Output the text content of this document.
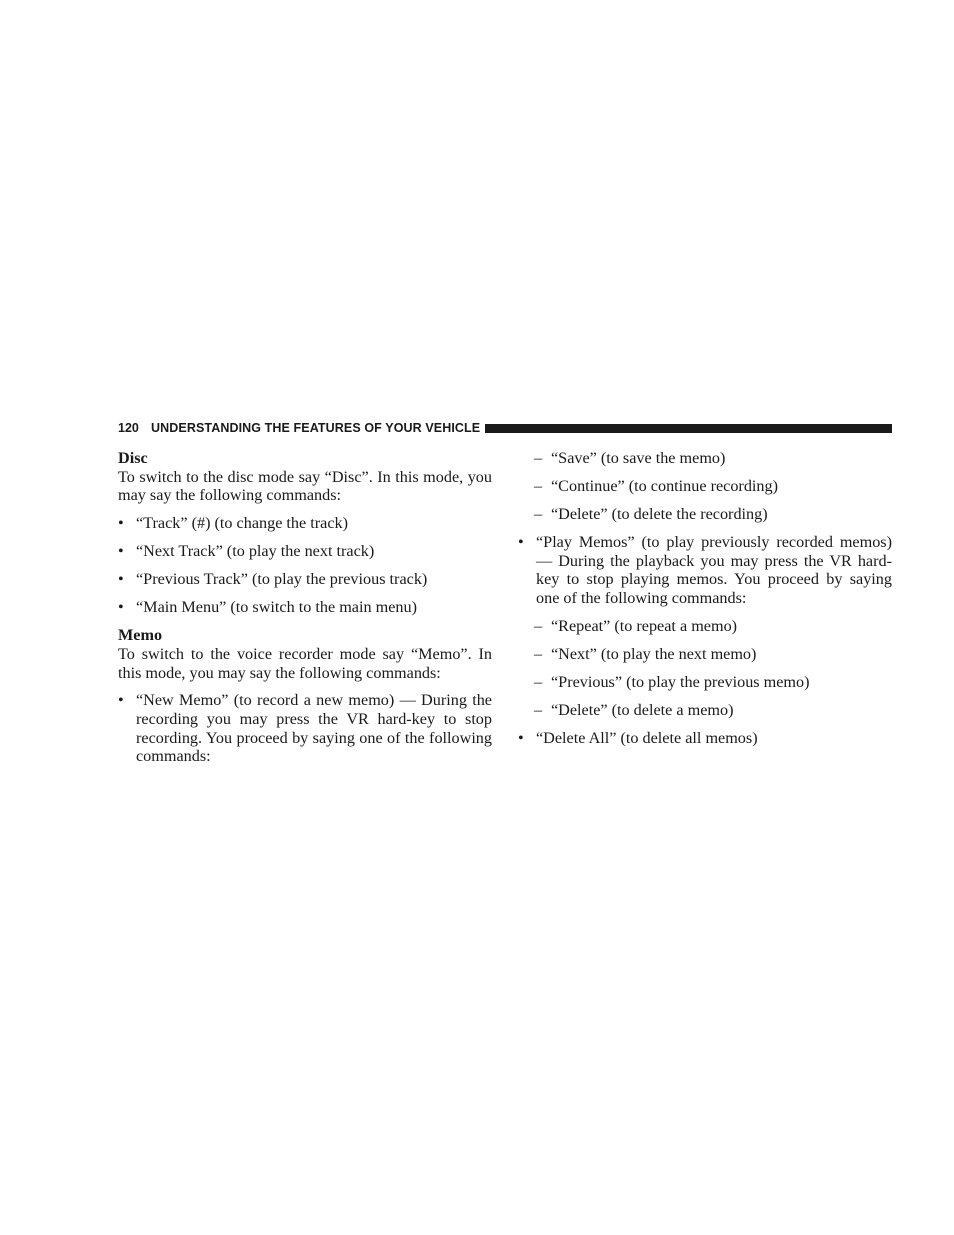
120 UNDERSTANDING THE FEATURES OF YOUR VEHICLE

Disc

To switch to the disc mode say “Disc”. In this mode, you may say the following commands:

• “Track” (#) (to change the track)
• “Next Track” (to play the next track)
• “Previous Track” (to play the previous track)
• “Main Menu” (to switch to the main menu)

Memo

To switch to the voice recorder mode say “Memo”. In this mode, you may say the following commands:

• “New Memo” (to record a new memo) — During the recording you may press the VR hard-key to stop recording. You proceed by saying one of the following commands:
– “Save” (to save the memo)
– “Continue” (to continue recording)
– “Delete” (to delete the recording)
• “Play Memos” (to play previously recorded memos) — During the playback you may press the VR hard-key to stop playing memos. You proceed by saying one of the following commands:
– “Repeat” (to repeat a memo)
– “Next” (to play the next memo)
– “Previous” (to play the previous memo)
– “Delete” (to delete a memo)
• “Delete All” (to delete all memos)
